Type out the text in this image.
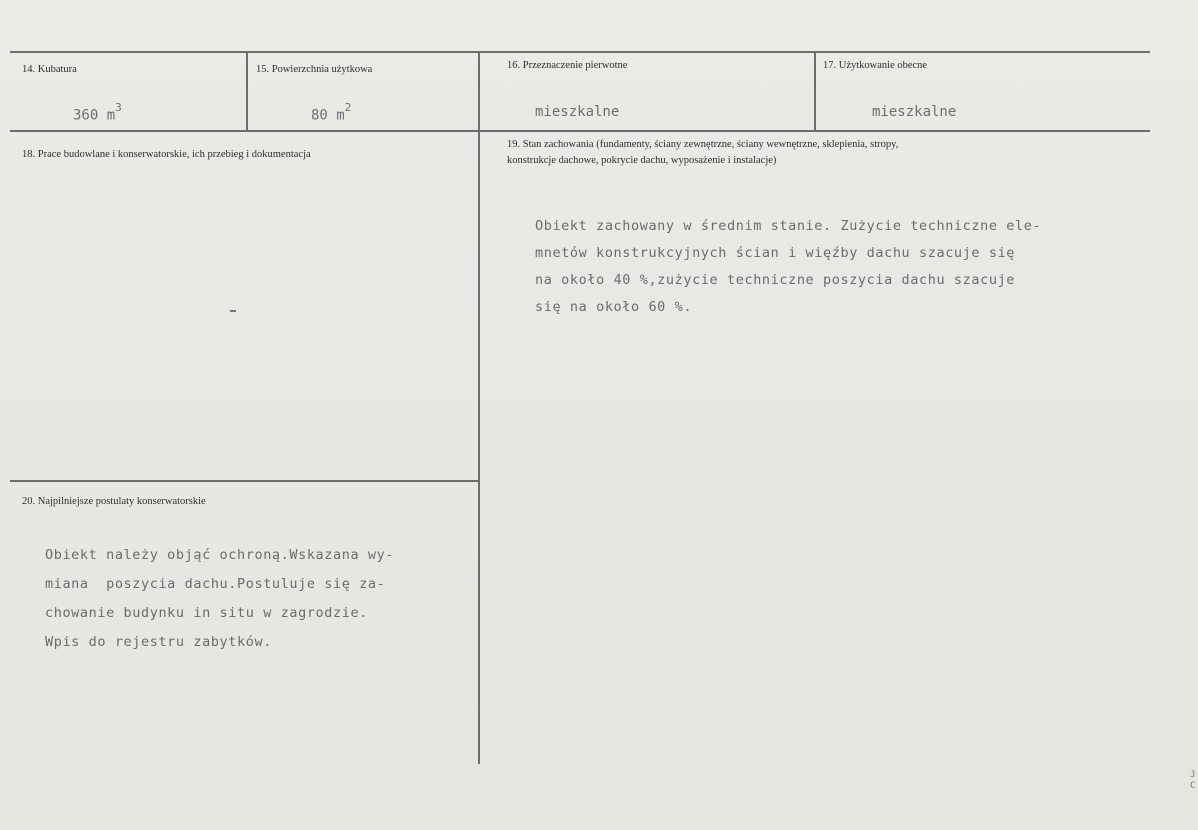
14. Kubatura
360 $m^3$
15. Powierzchnia użytkowa
80 $m^2$
16. Przeznaczenie pierwotne
mieszkalne
17. Użytkowanie obecne
mieszkalne
18. Prace budowlane i konserwatorskie, ich przebieg i dokumentacja
19. Stan zachowania (fundamenty, ściany zewnętrzne, ściany wewnętrzne, sklepienia, stropy,
konstrukcje dachowe, pokrycie dachu, wyposażenie i instalacje)
Obiekt zachowany w średnim stanie. Zużycie techniczne ele-
mnetów konstrukcyjnych ścian i więźby dachu szacuje się
na około 40 %,zużycie techniczne poszycia dachu szacuje
się na około 60 %.
20. Najpilniejsze postulaty konserwatorskie
Obiekt należy objąć ochroną.Wskazana wy-
miana  poszycia dachu.Postuluje się za-
chowanie budynku in situ w zagrodzie.
Wpis do rejestru zabytków.
J
C
